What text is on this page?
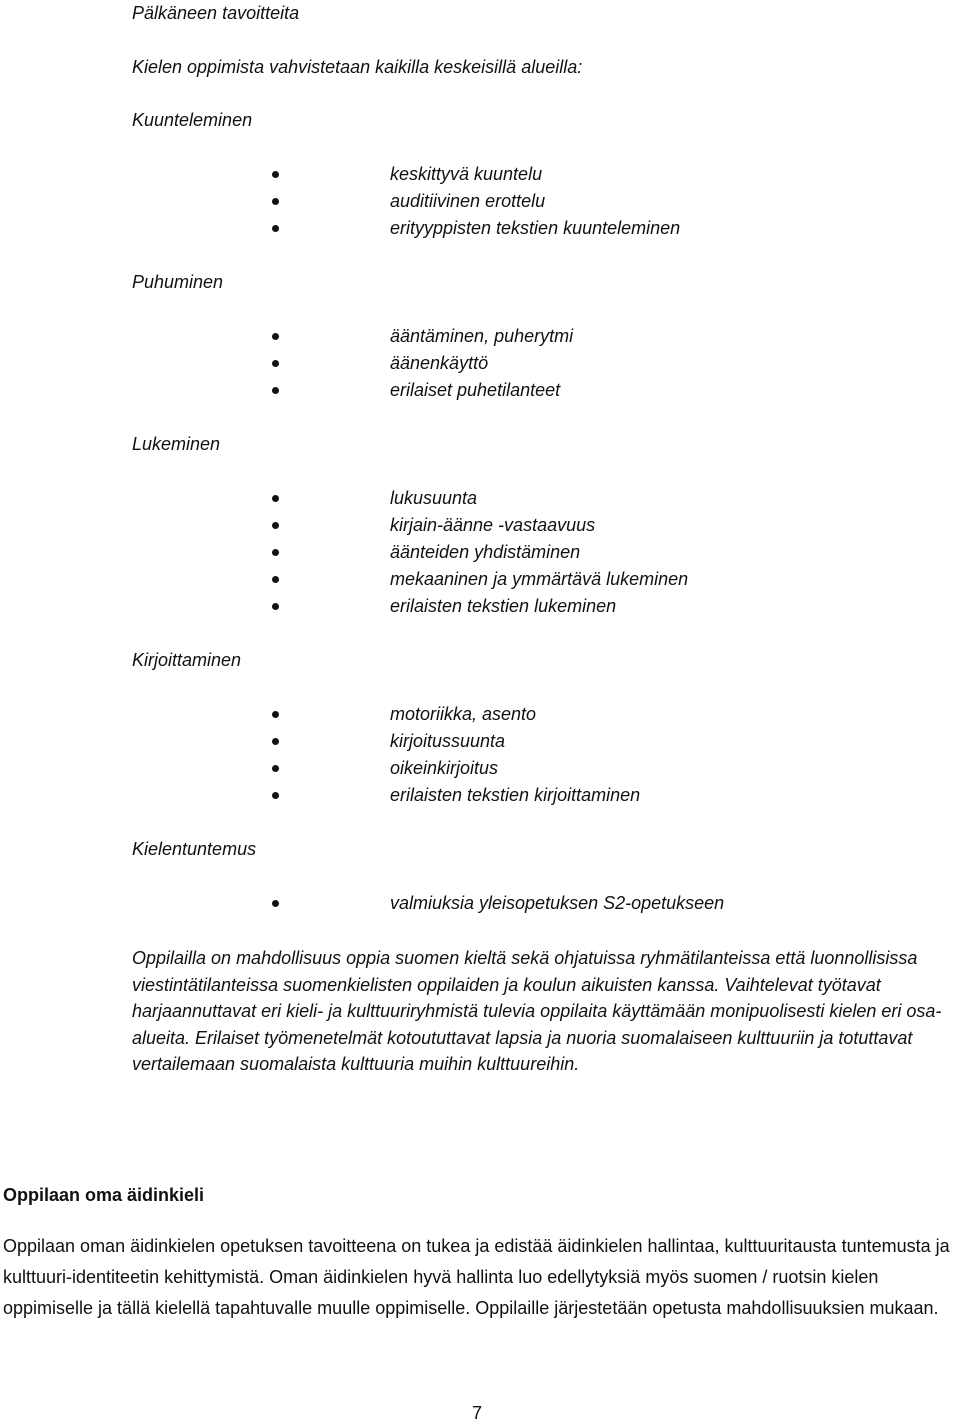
Pälkäneen tavoitteita
Kielen oppimista vahvistetaan kaikilla keskeisillä alueilla:
Kuunteleminen
keskittyvä kuuntelu
auditiivinen erottelu
erityyppisten tekstien kuunteleminen
Puhuminen
ääntäminen, puherytmi
äänenkäyttö
erilaiset puhetilanteet
Lukeminen
lukusuunta
kirjain-äänne -vastaavuus
äänteiden yhdistäminen
mekaaninen ja ymmärtävä lukeminen
erilaisten tekstien lukeminen
Kirjoittaminen
motoriikka, asento
kirjoitussuunta
oikeinkirjoitus
erilaisten tekstien kirjoittaminen
Kielentuntemus
valmiuksia yleisopetuksen S2-opetukseen
Oppilailla on mahdollisuus oppia suomen kieltä sekä ohjatuissa ryhmätilanteissa että luonnollisissa viestintätilanteissa suomenkielisten oppilaiden ja koulun aikuisten kanssa. Vaihtelevat työtavat harjaannuttavat eri kieli- ja kulttuuriryhmistä tulevia oppilaita käyttämään monipuolisesti kielen eri osa-alueita. Erilaiset työmenetelmät kotoututtavat lapsia ja nuoria suomalaiseen kulttuuriin ja totuttavat vertailemaan suomalaista kulttuuria muihin kulttuureihin.
Oppilaan oma äidinkieli
Oppilaan oman äidinkielen opetuksen tavoitteena on tukea ja edistää äidinkielen hallintaa, kulttuuritausta tuntemusta ja kulttuuri-identiteetin kehittymistä. Oman äidinkielen hyvä hallinta luo edellytyksiä myös suomen / ruotsin kielen oppimiselle ja tällä kielellä tapahtuvalle muulle oppimiselle. Oppilaille järjestetään opetusta mahdollisuuksien mukaan.
7
